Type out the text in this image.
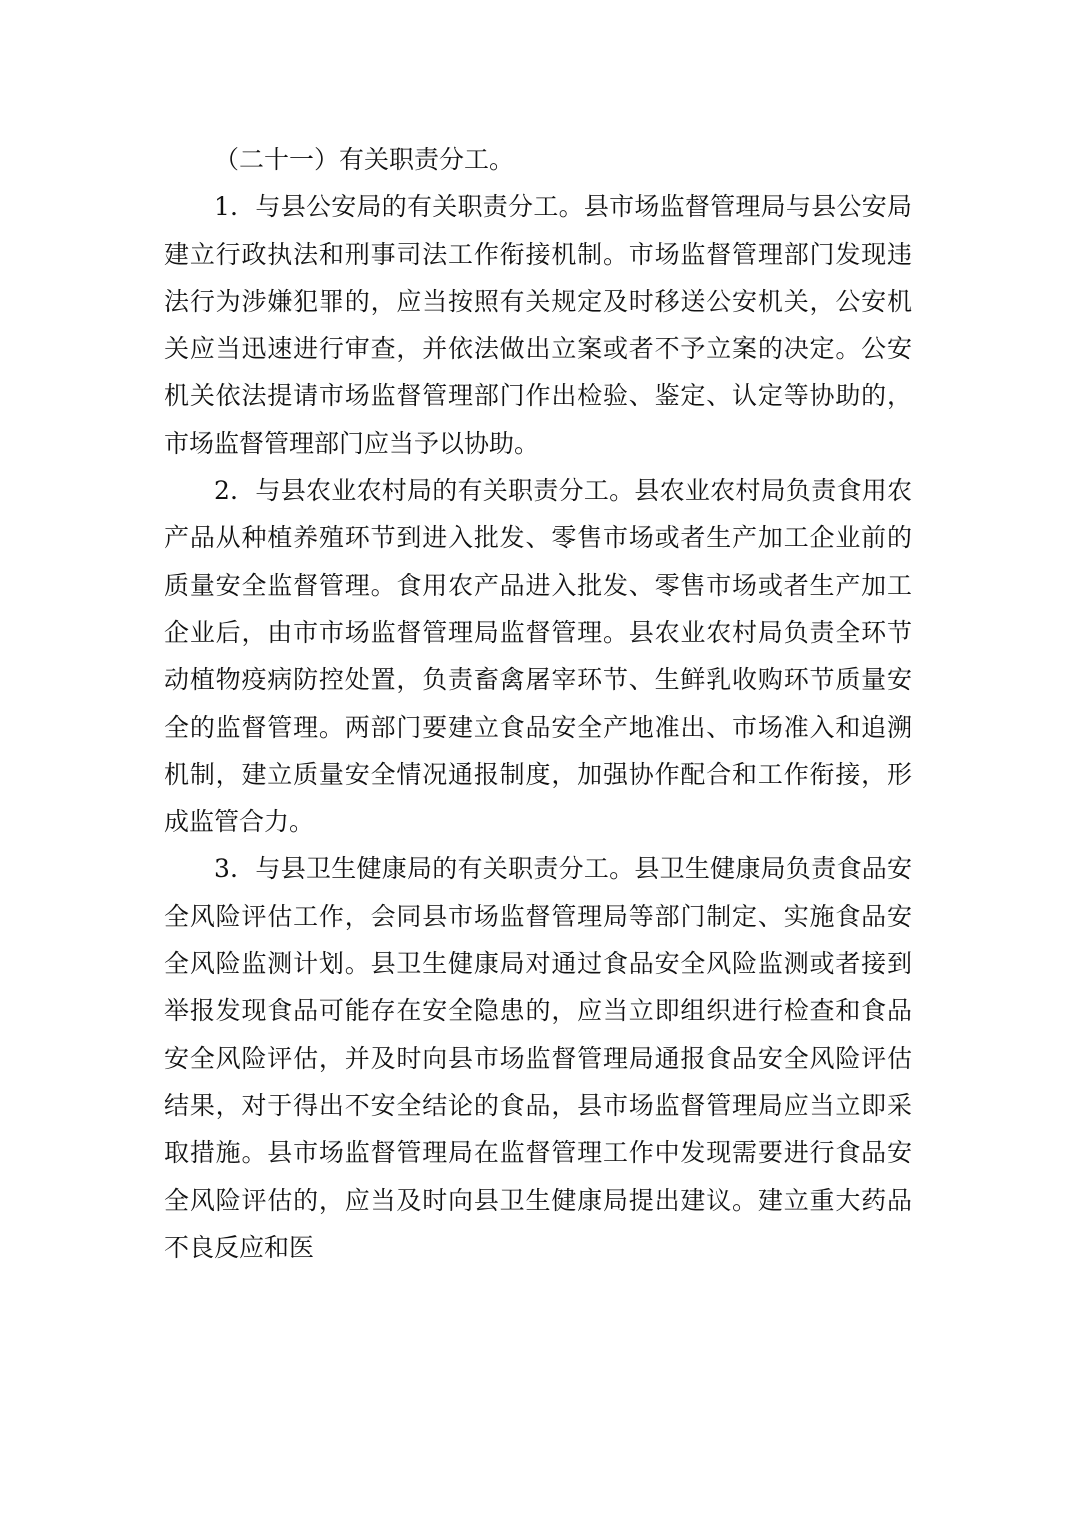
（二十一）有关职责分工。

1．与县公安局的有关职责分工。县市场监督管理局与县公安局建立行政执法和刑事司法工作衔接机制。市场监督管理部门发现违法行为涉嫌犯罪的，应当按照有关规定及时移送公安机关，公安机关应当迅速进行审查，并依法做出立案或者不予立案的决定。公安机关依法提请市场监督管理部门作出检验、鉴定、认定等协助的，市场监督管理部门应当予以协助。

2．与县农业农村局的有关职责分工。县农业农村局负责食用农产品从种植养殖环节到进入批发、零售市场或者生产加工企业前的质量安全监督管理。食用农产品进入批发、零售市场或者生产加工企业后，由市市场监督管理局监督管理。县农业农村局负责全环节动植物疫病防控处置，负责畜禽屠宰环节、生鲜乳收购环节质量安全的监督管理。两部门要建立食品安全产地准出、市场准入和追溯机制，建立质量安全情况通报制度，加强协作配合和工作衔接，形成监管合力。

3．与县卫生健康局的有关职责分工。县卫生健康局负责食品安全风险评估工作，会同县市场监督管理局等部门制定、实施食品安全风险监测计划。县卫生健康局对通过食品安全风险监测或者接到举报发现食品可能存在安全隐患的，应当立即组织进行检查和食品安全风险评估，并及时向县市场监督管理局通报食品安全风险评估结果，对于得出不安全结论的食品，县市场监督管理局应当立即采取措施。县市场监督管理局在监督管理工作中发现需要进行食品安全风险评估的，应当及时向县卫生健康局提出建议。建立重大药品不良反应和医
